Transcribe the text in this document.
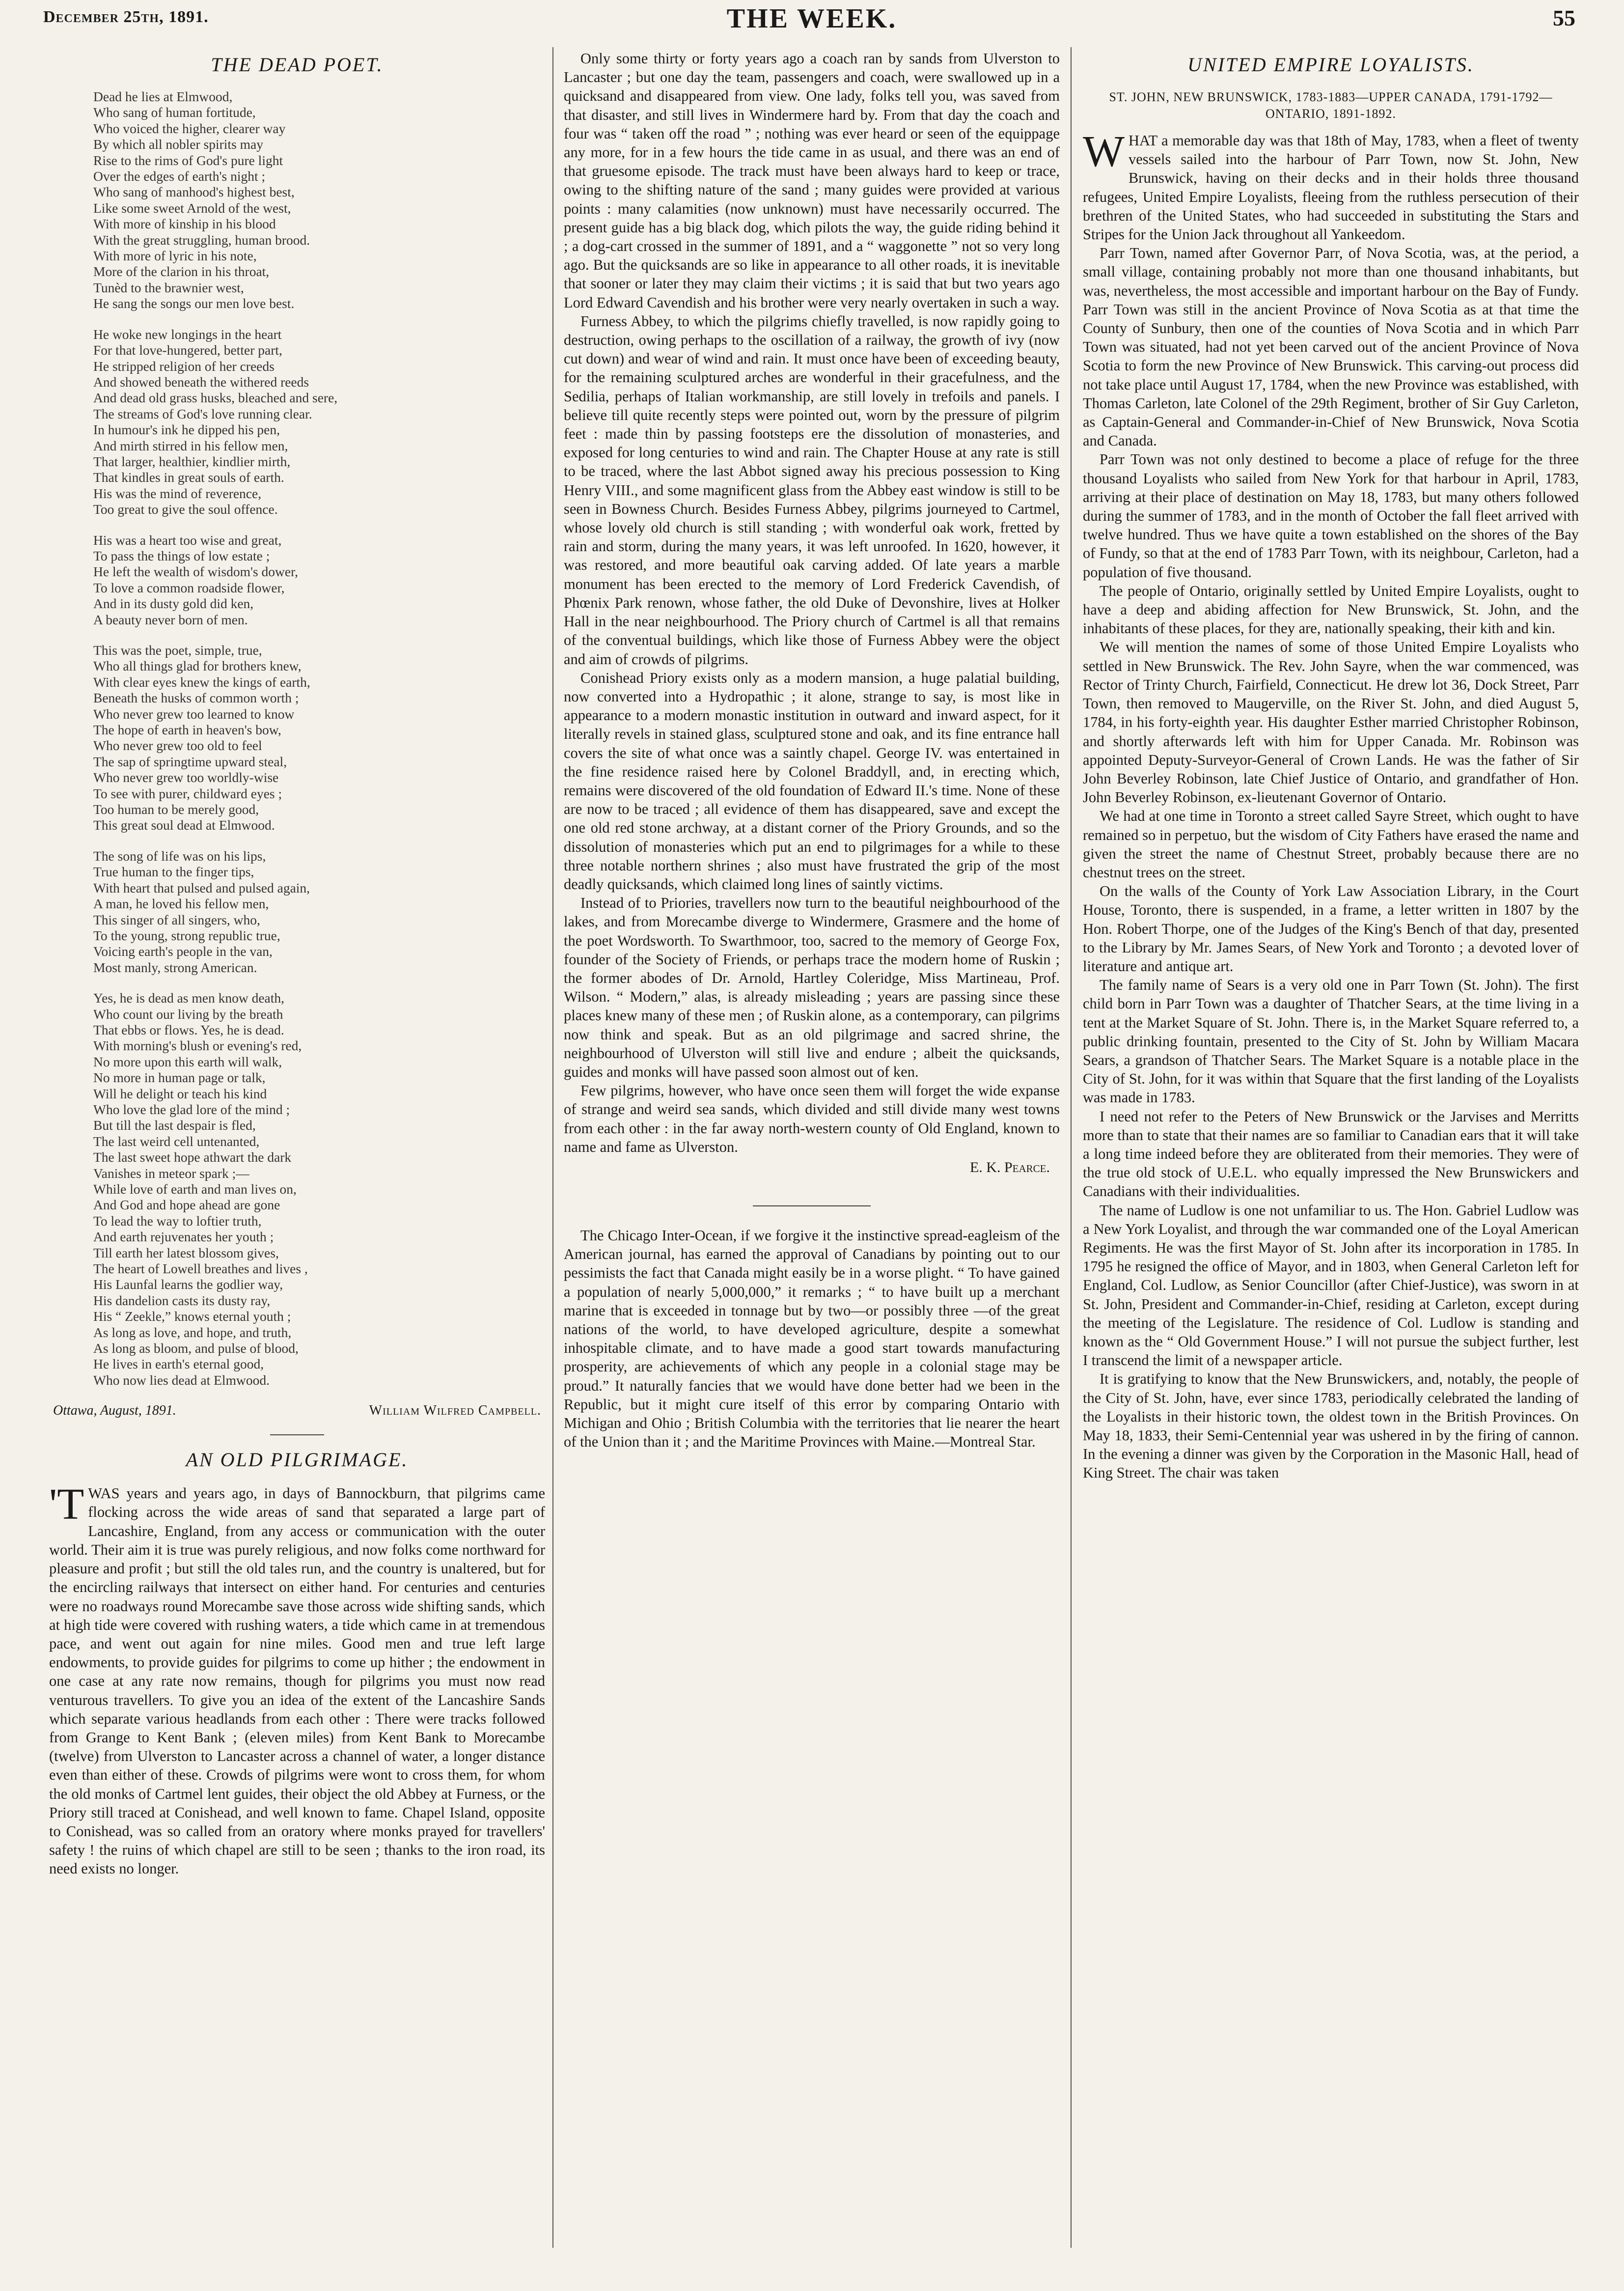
December 25th, 1891.	THE WEEK.	55
THE DEAD POET.
Dead he lies at Elmwood,
Who sang of human fortitude,
Who voiced the higher, clearer way
By which all nobler spirits may
Rise to the rims of God's pure light
Over the edges of earth's night ;
Who sang of manhood's highest best,
Like some sweet Arnold of the west,
With more of kinship in his blood
With the great struggling, human brood.
With more of lyric in his note,
More of the clarion in his throat,
Tunèd to the brawnier west,
He sang the songs our men love best.
He woke new longings in the heart
For that love-hungered, better part,
He stripped religion of her creeds
And showed beneath the withered reeds
And dead old grass husks, bleached and sere,
The streams of God's love running clear.
In humour's ink he dipped his pen,
And mirth stirred in his fellow men,
That larger, healthier, kindlier mirth,
That kindles in great souls of earth.
His was the mind of reverence,
Too great to give the soul offence.
His was a heart too wise and great,
To pass the things of low estate ;
He left the wealth of wisdom's dower,
To love a common roadside flower,
And in its dusty gold did ken,
A beauty never born of men.
This was the poet, simple, true,
Who all things glad for brothers knew,
With clear eyes knew the kings of earth,
Beneath the husks of common worth ;
Who never grew too learned to know
The hope of earth in heaven's bow,
Who never grew too old to feel
The sap of springtime upward steal,
Who never grew too worldly-wise
To see with purer, childward eyes ;
Too human to be merely good,
This great soul dead at Elmwood.
The song of life was on his lips,
True human to the finger tips,
With heart that pulsed and pulsed again,
A man, he loved his fellow men,
This singer of all singers, who,
To the young, strong republic true,
Voicing earth's people in the van,
Most manly, strong American.
Yes, he is dead as men know death,
Who count our living by the breath
That ebbs or flows. Yes, he is dead.
With morning's blush or evening's red,
No more upon this earth will walk,
No more in human page or talk,
Will he delight or teach his kind
Who love the glad lore of the mind ;
But till the last despair is fled,
The last weird cell untenanted,
The last sweet hope athwart the dark
Vanishes in meteor spark ;—
While love of earth and man lives on,
And God and hope ahead are gone
To lead the way to loftier truth,
And earth rejuvenates her youth ;
Till earth her latest blossom gives,
The heart of Lowell breathes and lives ,
His Launfal learns the godlier way,
His dandelion casts its dusty ray,
His “ Zeekle,” knows eternal youth ;
As long as love, and hope, and truth,
As long as bloom, and pulse of blood,
He lives in earth's eternal good,
Who now lies dead at Elmwood.
Ottawa, August, 1891.	William Wilfred Campbell.
AN OLD PILGRIMAGE.

'TWAS years and years ago, in days of Bannockburn, that pilgrims came flocking across the wide areas of sand that separated a large part of Lancashire, England, from any access or communication with the outer world. Their aim it is true was purely religious, and now folks come northward for pleasure and profit ; but still the old tales run, and the country is unaltered, but for the encircling railways that intersect on either hand. For centuries and centuries were no roadways round Morecambe save those across wide shifting sands, which at high tide were covered with rushing waters, a tide which came in at tremendous pace, and went out again for nine miles. Good men and true left large endowments, to provide guides for pilgrims to come up hither ; the endowment in one case at any rate now remains, though for pilgrims you must now read venturous travellers. To give you an idea of the extent of the Lancashire Sands which separate various headlands from each other : There were tracks followed from Grange to Kent Bank ; (eleven miles) from Kent Bank to Morecambe (twelve) from Ulverston to Lancaster across a channel of water, a longer distance even than either of these. Crowds of pilgrims were wont to cross them, for whom the old monks of Cartmel lent guides, their object the old Abbey at Furness, or the Priory still traced at Conishead, and well known to fame. Chapel Island, opposite to Conishead, was so called from an oratory where monks prayed for travellers' safety ! the ruins of which chapel are still to be seen ; thanks to the iron road, its need exists no longer.

Only some thirty or forty years ago a coach ran by sands from Ulverston to Lancaster ; but one day the team, passengers and coach, were swallowed up in a quicksand and disappeared from view. One lady, folks tell you, was saved from that disaster, and still lives in Windermere hard by. From that day the coach and four was “ taken off the road ” ; nothing was ever heard or seen of the equippage any more, for in a few hours the tide came in as usual, and there was an end of that gruesome episode. The track must have been always hard to keep or trace, owing to the shifting nature of the sand ; many guides were provided at various points : many calamities (now unknown) must have necessarily occurred. The present guide has a big black dog, which pilots the way, the guide riding behind it ; a dog-cart crossed in the summer of 1891, and a “ waggonette ” not so very long ago. But the quicksands are so like in appearance to all other roads, it is inevitable that sooner or later they may claim their victims ; it is said that but two years ago Lord Edward Cavendish and his brother were very nearly overtaken in such a way.

Furness Abbey, to which the pilgrims chiefly travelled, is now rapidly going to destruction, owing perhaps to the oscillation of a railway, the growth of ivy (now cut down) and wear of wind and rain. It must once have been of exceeding beauty, for the remaining sculptured arches are wonderful in their gracefulness, and the Sedilia, perhaps of Italian workmanship, are still lovely in trefoils and panels. I believe till quite recently steps were pointed out, worn by the pressure of pilgrim feet : made thin by passing footsteps ere the dissolution of monasteries, and exposed for long centuries to wind and rain. The Chapter House at any rate is still to be traced, where the last Abbot signed away his precious possession to King Henry VIII., and some magnificent glass from the Abbey east window is still to be seen in Bowness Church. Besides Furness Abbey, pilgrims journeyed to Cartmel, whose lovely old church is still standing ; with wonderful oak work, fretted by rain and storm, during the many years, it was left unroofed. In 1620, however, it was restored, and more beautiful oak carving added. Of late years a marble monument has been erected to the memory of Lord Frederick Cavendish, of Phœnix Park renown, whose father, the old Duke of Devonshire, lives at Holker Hall in the near neighbourhood. The Priory church of Cartmel is all that remains of the conventual buildings, which like those of Furness Abbey were the object and aim of crowds of pilgrims.

Conishead Priory exists only as a modern mansion, a huge palatial building, now converted into a Hydropathic ; it alone, strange to say, is most like in appearance to a modern monastic institution in outward and inward aspect, for it literally revels in stained glass, sculptured stone and oak, and its fine entrance hall covers the site of what once was a saintly chapel. George IV. was entertained in the fine residence raised here by Colonel Braddyll, and, in erecting which, remains were discovered of the old foundation of Edward II.'s time. None of these are now to be traced ; all evidence of them has disappeared, save and except the one old red stone archway, at a distant corner of the Priory Grounds, and so the dissolution of monasteries which put an end to pilgrimages for a while to these three notable northern shrines ; also must have frustrated the grip of the most deadly quicksands, which claimed long lines of saintly victims.

Instead of to Priories, travellers now turn to the beautiful neighbourhood of the lakes, and from Morecambe diverge to Windermere, Grasmere and the home of the poet Wordsworth. To Swarthmoor, too, sacred to the memory of George Fox, founder of the Society of Friends, or perhaps trace the modern home of Ruskin ; the former abodes of Dr. Arnold, Hartley Coleridge, Miss Martineau, Prof. Wilson. “ Modern,” alas, is already misleading ; years are passing since these places knew many of these men ; of Ruskin alone, as a contemporary, can pilgrims now think and speak. But as an old pilgrimage and sacred shrine, the neighbourhood of Ulverston will still live and endure ; albeit the quicksands, guides and monks will have passed soon almost out of ken.

Few pilgrims, however, who have once seen them will forget the wide expanse of strange and weird sea sands, which divided and still divide many west towns from each other : in the far away north-western county of Old England, known to name and fame as Ulverston.

E. K. Pearce.

The Chicago Inter-Ocean, if we forgive it the instinctive spread-eagleism of the American journal, has earned the approval of Canadians by pointing out to our pessimists the fact that Canada might easily be in a worse plight. “ To have gained a population of nearly 5,000,000,” it remarks ; “ to have built up a merchant marine that is exceeded in tonnage but by two—or possibly three —of the great nations of the world, to have developed agriculture, despite a somewhat inhospitable climate, and to have made a good start towards manufacturing prosperity, are achievements of which any people in a colonial stage may be proud.” It naturally fancies that we would have done better had we been in the Republic, but it might cure itself of this error by comparing Ontario with Michigan and Ohio ; British Columbia with the territories that lie nearer the heart of the Union than it ; and the Maritime Provinces with Maine.—Montreal Star.

UNITED EMPIRE LOYALISTS.
ST. JOHN, NEW BRUNSWICK, 1783-1883—UPPER CANADA, 1791-1792—ONTARIO, 1891-1892.

WHAT a memorable day was that 18th of May, 1783, when a fleet of twenty vessels sailed into the harbour of Parr Town, now St. John, New Brunswick, having on their decks and in their holds three thousand refugees, United Empire Loyalists, fleeing from the ruthless persecution of their brethren of the United States, who had succeeded in substituting the Stars and Stripes for the Union Jack throughout all Yankeedom.

Parr Town, named after Governor Parr, of Nova Scotia, was, at the period, a small village, containing probably not more than one thousand inhabitants, but was, nevertheless, the most accessible and important harbour on the Bay of Fundy. Parr Town was still in the ancient Province of Nova Scotia as at that time the County of Sunbury, then one of the counties of Nova Scotia and in which Parr Town was situated, had not yet been carved out of the ancient Province of Nova Scotia to form the new Province of New Brunswick. This carving-out process did not take place until August 17, 1784, when the new Province was established, with Thomas Carleton, late Colonel of the 29th Regiment, brother of Sir Guy Carleton, as Captain-General and Commander-in-Chief of New Brunswick, Nova Scotia and Canada.

Parr Town was not only destined to become a place of refuge for the three thousand Loyalists who sailed from New York for that harbour in April, 1783, arriving at their place of destination on May 18, 1783, but many others followed during the summer of 1783, and in the month of October the fall fleet arrived with twelve hundred. Thus we have quite a town established on the shores of the Bay of Fundy, so that at the end of 1783 Parr Town, with its neighbour, Carleton, had a population of five thousand.

The people of Ontario, originally settled by United Empire Loyalists, ought to have a deep and abiding affection for New Brunswick, St. John, and the inhabitants of these places, for they are, nationally speaking, their kith and kin.

We will mention the names of some of those United Empire Loyalists who settled in New Brunswick. The Rev. John Sayre, when the war commenced, was Rector of Trinty Church, Fairfield, Connecticut. He drew lot 36, Dock Street, Parr Town, then removed to Maugerville, on the River St. John, and died August 5, 1784, in his forty-eighth year. His daughter Esther married Christopher Robinson, and shortly afterwards left with him for Upper Canada. Mr. Robinson was appointed Deputy-Surveyor-General of Crown Lands. He was the father of Sir John Beverley Robinson, late Chief Justice of Ontario, and grandfather of Hon. John Beverley Robinson, ex-lieutenant Governor of Ontario.

We had at one time in Toronto a street called Sayre Street, which ought to have remained so in perpetuo, but the wisdom of City Fathers have erased the name and given the street the name of Chestnut Street, probably because there are no chestnut trees on the street.

On the walls of the County of York Law Association Library, in the Court House, Toronto, there is suspended, in a frame, a letter written in 1807 by the Hon. Robert Thorpe, one of the Judges of the King's Bench of that day, presented to the Library by Mr. James Sears, of New York and Toronto ; a devoted lover of literature and antique art.

The family name of Sears is a very old one in Parr Town (St. John). The first child born in Parr Town was a daughter of Thatcher Sears, at the time living in a tent at the Market Square of St. John. There is, in the Market Square referred to, a public drinking fountain, presented to the City of St. John by William Macara Sears, a grandson of Thatcher Sears. The Market Square is a notable place in the City of St. John, for it was within that Square that the first landing of the Loyalists was made in 1783.

I need not refer to the Peters of New Brunswick or the Jarvises and Merritts more than to state that their names are so familiar to Canadian ears that it will take a long time indeed before they are obliterated from their memories. They were of the true old stock of U.E.L. who equally impressed the New Brunswickers and Canadians with their individualities.

The name of Ludlow is one not unfamiliar to us. The Hon. Gabriel Ludlow was a New York Loyalist, and through the war commanded one of the Loyal American Regiments. He was the first Mayor of St. John after its incorporation in 1785. In 1795 he resigned the office of Mayor, and in 1803, when General Carleton left for England, Col. Ludlow, as Senior Councillor (after Chief-Justice), was sworn in at St. John, President and Commander-in-Chief, residing at Carleton, except during the meeting of the Legislature. The residence of Col. Ludlow is standing and known as the “ Old Government House.” I will not pursue the subject further, lest I transcend the limit of a newspaper article.

It is gratifying to know that the New Brunswickers, and, notably, the people of the City of St. John, have, ever since 1783, periodically celebrated the landing of the Loyalists in their historic town, the oldest town in the British Provinces. On May 18, 1833, their Semi-Centennial year was ushered in by the firing of cannon. In the evening a dinner was given by the Corporation in the Masonic Hall, head of King Street. The chair was taken
